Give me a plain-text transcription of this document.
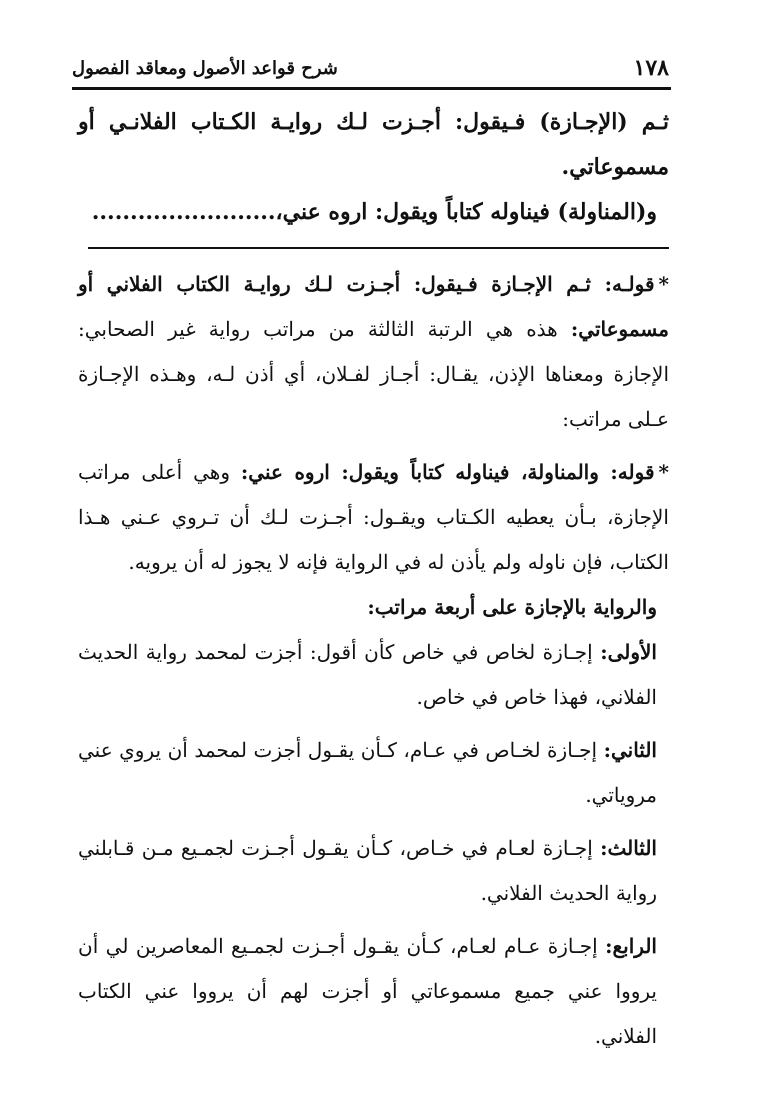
١٧٨
شرح قواعد الأصول ومعاقد الفصول

ثـم (الإجـازة) فـيقول: أجـزت لـك روايـة الكـتاب الفلانـي أو مسموعاتي.

و(المناولة) فيناوله كتاباً ويقول: اروه عني،........................

*قولـه: ثـم الإجـازة فـيقول: أجـزت لـك روايـة الكتاب الفلاني أو مسموعاتي: هذه هي الرتبة الثالثة من مراتب رواية غير الصحابي: الإجازة ومعناها الإذن، يقـال: أجـاز لفـلان، أي أذن لـه، وهـذه الإجـازة عـلى مراتب:

*قوله: والمناولة، فيناوله كتاباً ويقول: اروه عني: وهي أعلى مراتب الإجازة، بـأن يعطيه الكـتاب ويقـول: أجـزت لـك أن تـروي عـني هـذا الكتاب، فإن ناوله ولم يأذن له في الرواية فإنه لا يجوز له أن يرويه.

والرواية بالإجازة على أربعة مراتب:

الأولى: إجـازة لخاص في خاص كأن أقول: أجزت لمحمد رواية الحديث الفلاني، فهذا خاص في خاص.

الثاني: إجـازة لخـاص في عـام، كـأن يقـول أجزت لمحمد أن يروي عني مروياتي.

الثالث: إجـازة لعـام في خـاص، كـأن يقـول أجـزت لجمـيع مـن قـابلني رواية الحديث الفلاني.

الرابع: إجـازة عـام لعـام، كـأن يقـول أجـزت لجمـيع المعاصرين لي أن يرووا عني جميع مسموعاتي أو أجزت لهم أن يرووا عني الكتاب الفلاني.
